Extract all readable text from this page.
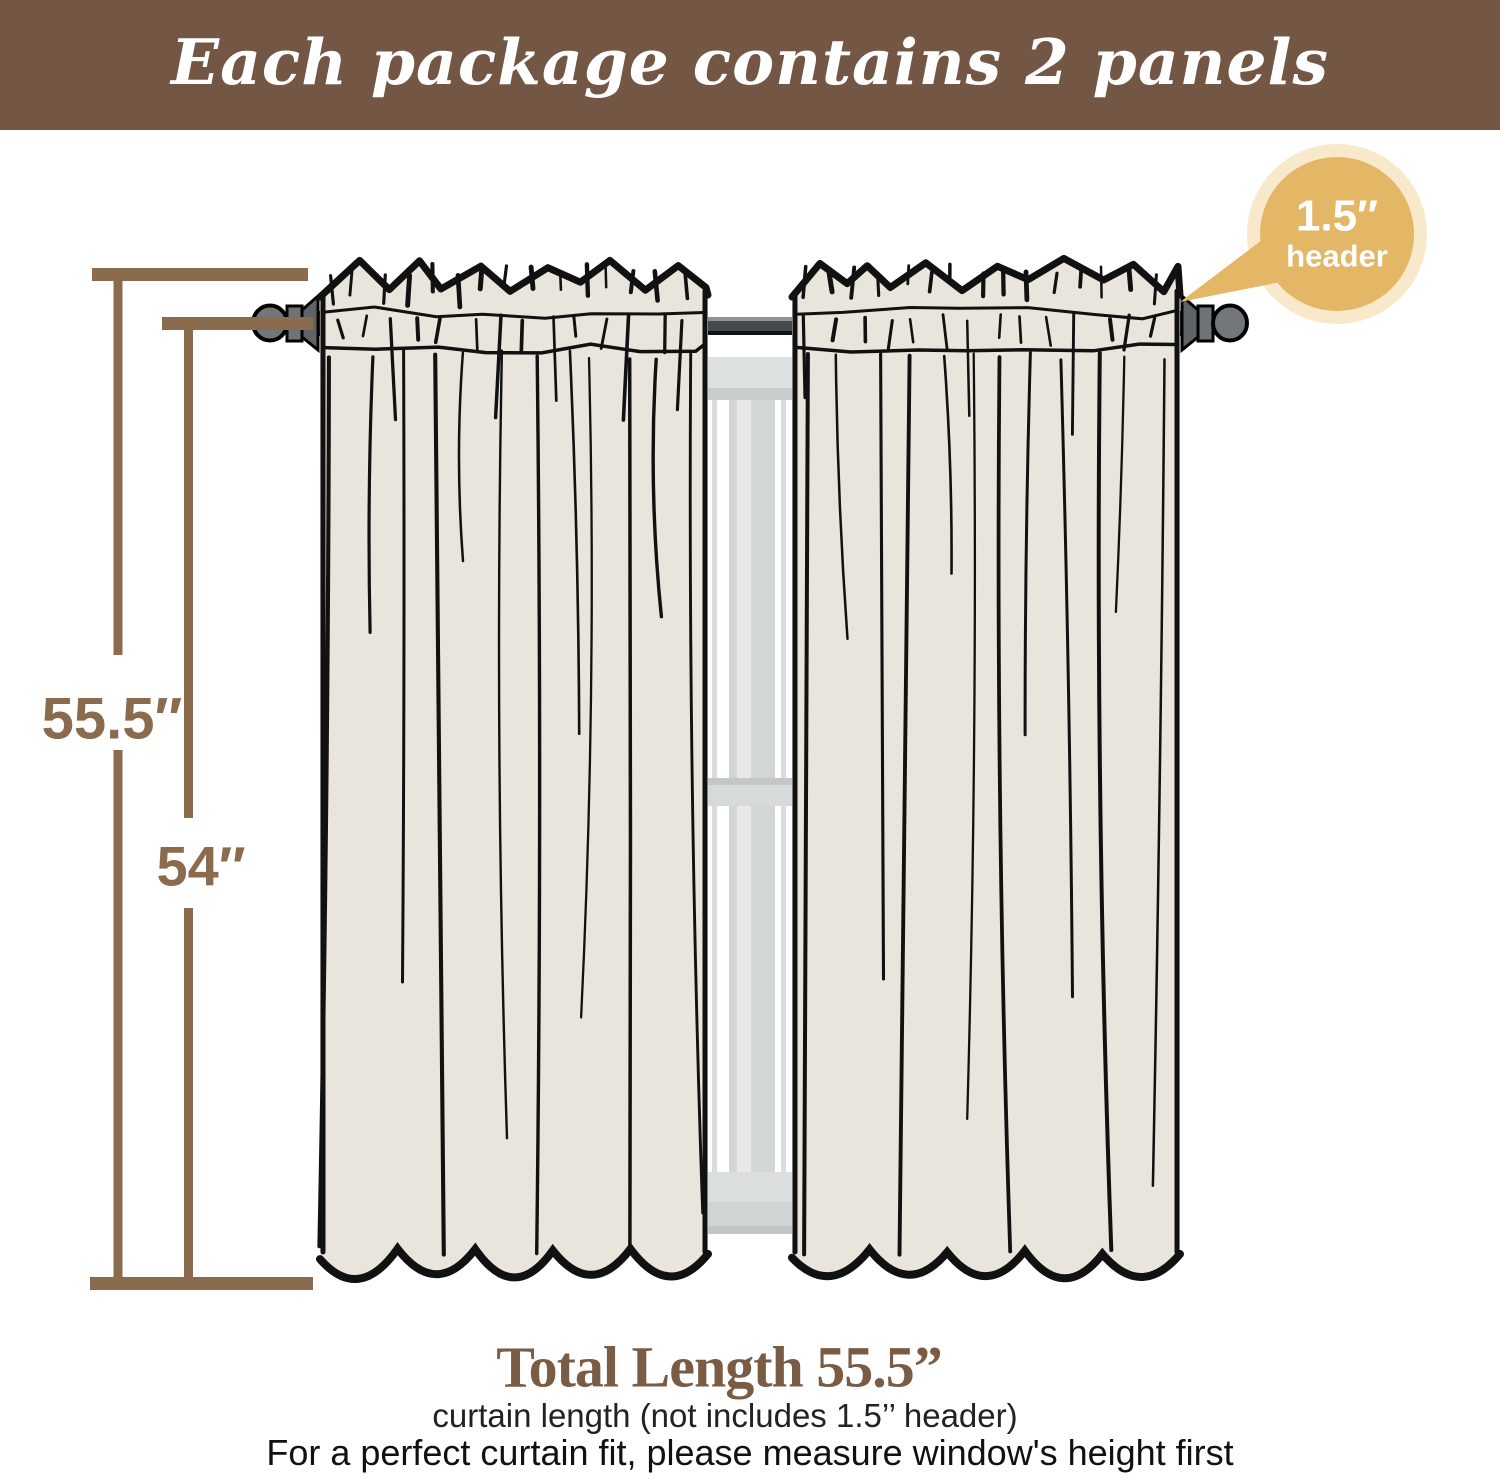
Each package contains 2 panels
55.5″
54″
1.5″
header
Total Length 55.5”
curtain length (not includes 1.5’’ header)
For a perfect curtain fit, please measure window's height first
